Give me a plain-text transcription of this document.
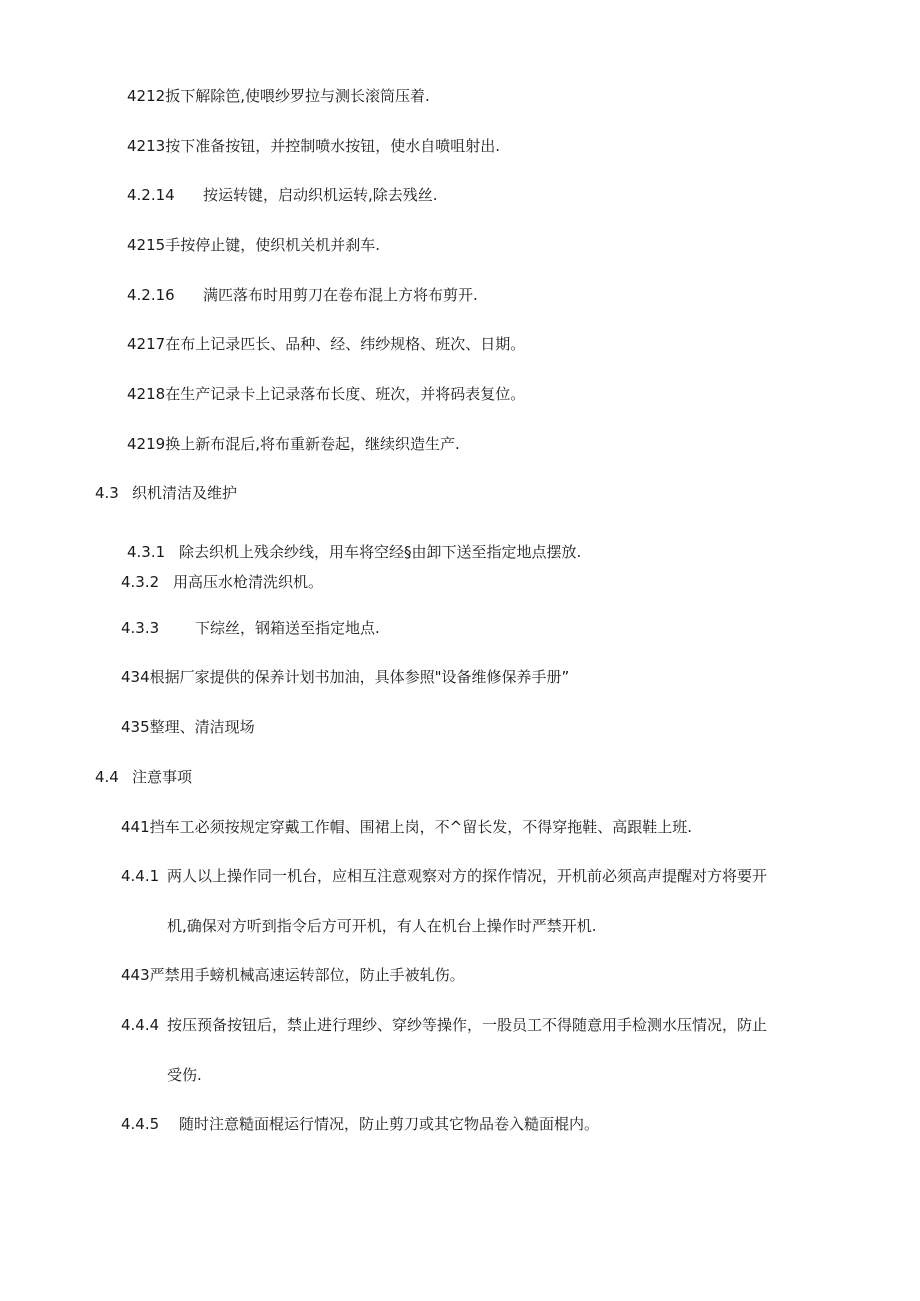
4212扳下解除笆,使喂纱罗拉与测长滚筒压着.
4213按下准备按钮，并控制喷水按钮，使水自喷咀射出.
4.2.14 按运转键，启动织机运转,除去残丝.
4215手按停止键，使织机关机并刹车.
4.2.16 满匹落布时用剪刀在卷布混上方将布剪开.
4217在布上记录匹长、品种、经、纬纱规格、班次、日期。
4218在生产记录卡上记录落布长度、班次，并将码表复位。
4219换上新布混后,将布重新卷起，继续织造生产.
4.3 织机清洁及维护
4.3.1 除去织机上残余纱线，用车将空经§由卸下送至指定地点摆放.
4.3.2 用高压水枪清洗织机。
4.3.3 下综丝，钢箱送至指定地点.
434根据厂家提供的保养计划书加油，具体参照"设备维修保养手册”
435整理、清洁现场
4.4 注意事项
441挡车工必须按规定穿戴工作帽、围裙上岗，不^留长发，不得穿拖鞋、高跟鞋上班.
4.4.1 两人以上操作同一机台，应相互注意观察对方的探作情况，开机前必须高声提醒对方将要开
机,确保对方听到指令后方可开机，有人在机台上操作时严禁开机.
443严禁用手螃机械高速运转部位，防止手被轧伤。
4.4.4 按压预备按钮后，禁止进行理纱、穿纱等操作，一股员工不得随意用手检测水压情况，防止
受伤.
4.4.5 随时注意糙面棍运行情况，防止剪刀或其它物品卷入糙面棍内。
